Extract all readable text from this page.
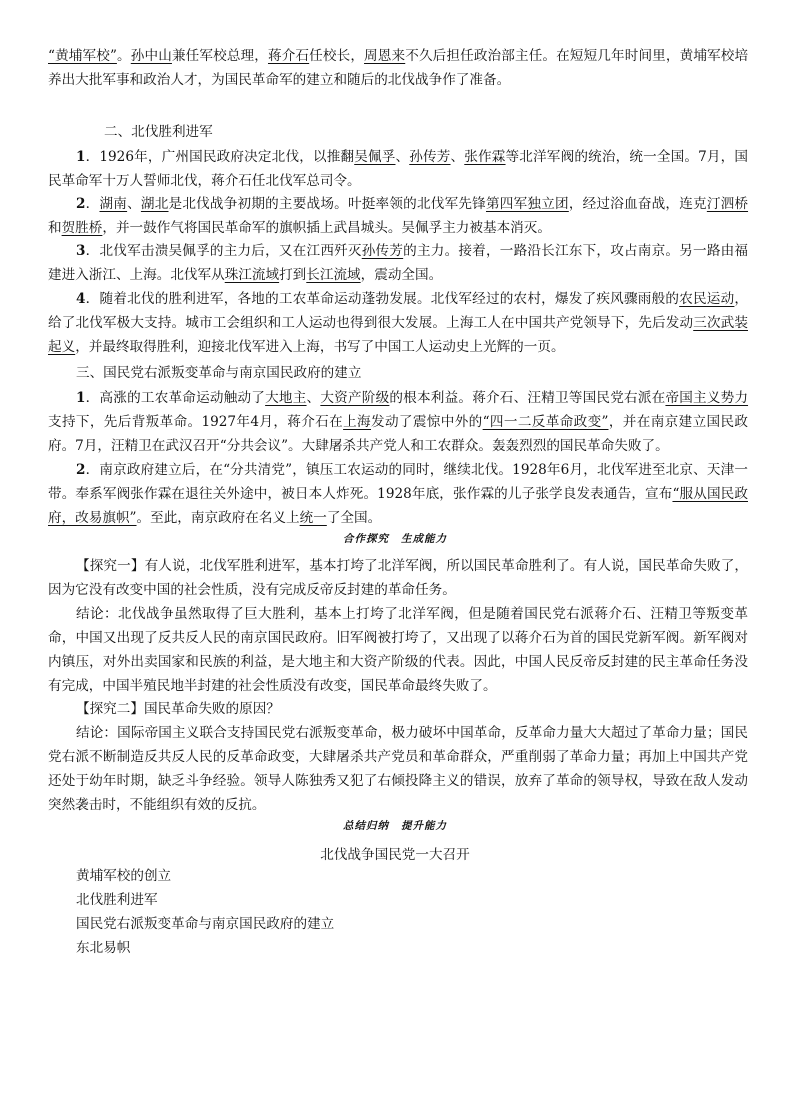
“黄埔军校”。孙中山兼任军校总理，蒋介石任校长，周恩来不久后担任政治部主任。在短短几年时间里，黄埔军校培养出大批军事和政治人才，为国民革命军的建立和随后的北伐战争作了准备。

二、北伐胜利进军

1．1926年，广州国民政府决定北伐，以推翻吴佩孚、孙传芳、张作霖等北洋军阀的统治，统一全国。7月，国民革命军十万人誓师北伐，蒋介石任北伐军总司令。

2．湖南、湖北是北伐战争初期的主要战场。叶挺率领的北伐军先锋第四军独立团，经过浴血奋战，连克汀泗桥和贺胜桥，并一鼓作气将国民革命军的旗帜插上武昌城头。吴佩孚主力被基本消灭。

3．北伐军击溃吴佩孚的主力后，又在江西歼灭孙传芳的主力。接着，一路沿长江东下，攻占南京。另一路由福建进入浙江、上海。北伐军从珠江流域打到长江流域，震动全国。

4．随着北伐的胜利进军，各地的工农革命运动蓬勃发展。北伐军经过的农村，爆发了疾风骤雨般的农民运动，给了北伐军极大支持。城市工会组织和工人运动也得到很大发展。上海工人在中国共产党领导下，先后发动三次武装起义，并最终取得胜利，迎接北伐军进入上海，书写了中国工人运动史上光辉的一页。

三、国民党右派叛变革命与南京国民政府的建立

1．高涨的工农革命运动触动了大地主、大资产阶级的根本利益。蒋介石、汪精卫等国民党右派在帝国主义势力支持下，先后背叛革命。1927年4月，蒋介石在上海发动了震惊中外的“四一二反革命政变”，并在南京建立国民政府。7月，汪精卫在武汉召开“分共会议”。大肆屠杀共产党人和工农群众。轰轰烈烈的国民革命失败了。

2．南京政府建立后，在“分共清党”，镇压工农运动的同时，继续北伐。1928年6月，北伐军进至北京、天津一带。奉系军阀张作霖在退往关外途中，被日本人炸死。1928年底，张作霖的儿子张学良发表通告，宣布“服从国民政府，改易旗帜”。至此，南京政府在名义上统一了全国。

合作探究 生成能力

【探究一】有人说，北伐军胜利进军，基本打垮了北洋军阀，所以国民革命胜利了。有人说，国民革命失败了，因为它没有改变中国的社会性质，没有完成反帝反封建的革命任务。

结论：北伐战争虽然取得了巨大胜利，基本上打垮了北洋军阀，但是随着国民党右派蒋介石、汪精卫等叛变革命，中国又出现了反共反人民的南京国民政府。旧军阀被打垮了，又出现了以蒋介石为首的国民党新军阀。新军阀对内镇压，对外出卖国家和民族的利益，是大地主和大资产阶级的代表。因此，中国人民反帝反封建的民主革命任务没有完成，中国半殖民地半封建的社会性质没有改变，国民革命最终失败了。

【探究二】国民革命失败的原因？

结论：国际帝国主义联合支持国民党右派叛变革命，极力破坏中国革命，反革命力量大大超过了革命力量；国民党右派不断制造反共反人民的反革命政变，大肆屠杀共产党员和革命群众，严重削弱了革命力量；再加上中国共产党还处于幼年时期，缺乏斗争经验。领导人陈独秀又犯了右倾投降主义的错误，放弃了革命的领导权，导致在敌人发动突然袭击时，不能组织有效的反抗。

总结归纳 提升能力
北伐战争国民党一大召开
黄埔军校的创立
北伐胜利进军
国民党右派叛变革命与南京国民政府的建立
东北易帜
